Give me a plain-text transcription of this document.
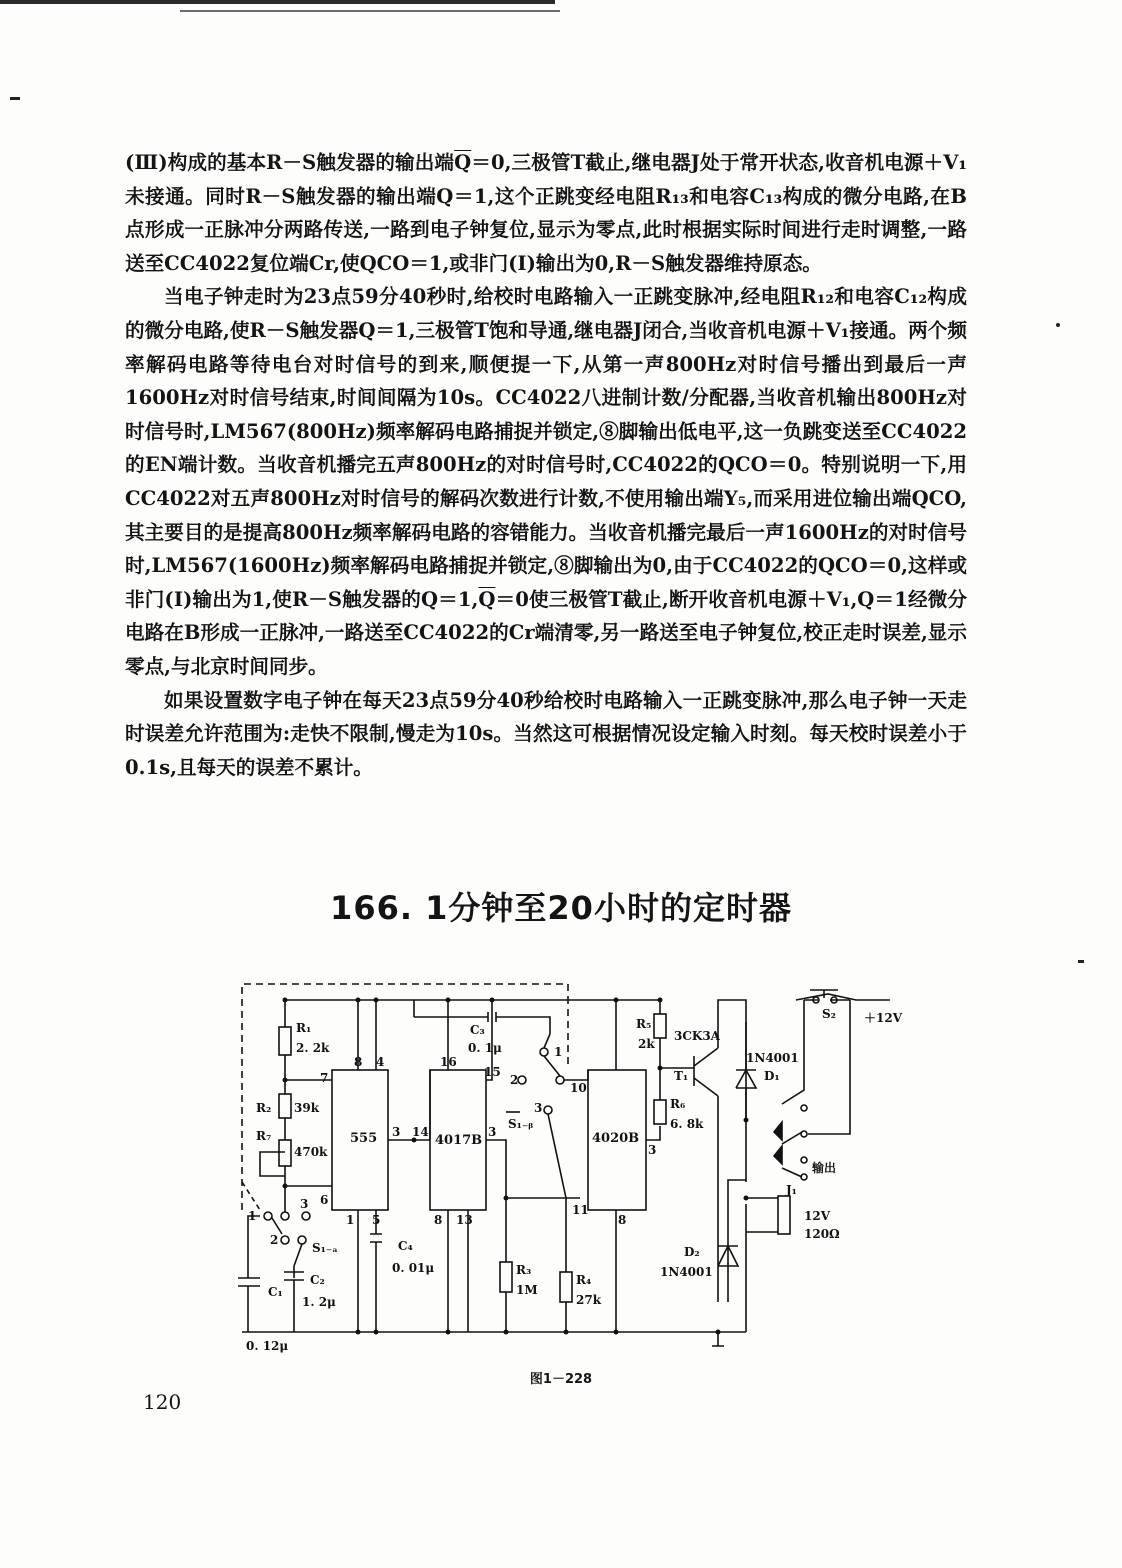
(Ⅲ)构成的基本R－S触发器的输出端$\overline{Q}=0$,三极管T截止,继电器J处于常开状态,收音机电源＋V₁未接通。同时R－S触发器的输出端Q＝1,这个正跳变经电阻R₁₃和电容C₁₃构成的微分电路,在B点形成一正脉冲分两路传送,一路到电子钟复位,显示为零点,此时根据实际时间进行走时调整,一路送至CC4022复位端Cr,使QCO＝1,或非门(Ⅰ)输出为0,R－S触发器维持原态。

当电子钟走时为23点59分40秒时,给校时电路输入一正跳变脉冲,经电阻R₁₂和电容C₁₂构成的微分电路,使R－S触发器Q＝1,三极管T饱和导通,继电器J闭合,当收音机电源＋V₁接通。两个频率解码电路等待电台对时信号的到来,顺便提一下,从第一声800Hz对时信号播出到最后一声1600Hz对时信号结束,时间间隔为10s。CC4022八进制计数/分配器,当收音机输出800Hz对时信号时,LM567(800Hz)频率解码电路捕捉并锁定,⑧脚输出低电平,这一负跳变送至CC4022的EN端计数。当收音机播完五声800Hz的对时信号时,CC4022的QCO＝0。特别说明一下,用CC4022对五声800Hz对时信号的解码次数进行计数,不使用输出端Y₅,而采用进位输出端QCO,其主要目的是提高800Hz频率解码电路的容错能力。当收音机播完最后一声1600Hz的对时信号时,LM567(1600Hz)频率解码电路捕捉并锁定,⑧脚输出为0,由于CC4022的QCO＝0,这样或非门(Ⅰ)输出为1,使R－S触发器的$Q=1,\overline{Q}=0$使三极管T截止,断开收音机电源＋V₁,Q＝1经微分电路在B形成一正脉冲,一路送至CC4022的Cr端清零,另一路送至电子钟复位,校正走时误差,显示零点,与北京时间同步。

如果设置数字电子钟在每天23点59分40秒给校时电路输入一正跳变脉冲,那么电子钟一天走时误差允许范围为:走快不限制,慢走为10s。当然这可根据情况设定输入时刻。每天校时误差小于0.1s,且每天的误差不累计。

166. 1分钟至20小时的定时器
555	4017B	4020B
R₁
2. 2k
R₂ 39k
R₇
470k
R₃
1M
R₄
27k
R₅
2k
R₆
6. 8k
C₁
0. 12μ
C₂
1. 2μ
C₃
0. 1μ
C₄
0. 01μ
T₁
3CK3A
D₁
1N4001
D₂
1N4001
S₁₋ₐ
S₁₋ᵦ
S₂ ＋12V
输出
J₁
12V
120Ω
8 4
7
6
3
1 5
16
15
14	3
8 13
10
3
11
8
1
2
3
1
2
3
图1－228
120
